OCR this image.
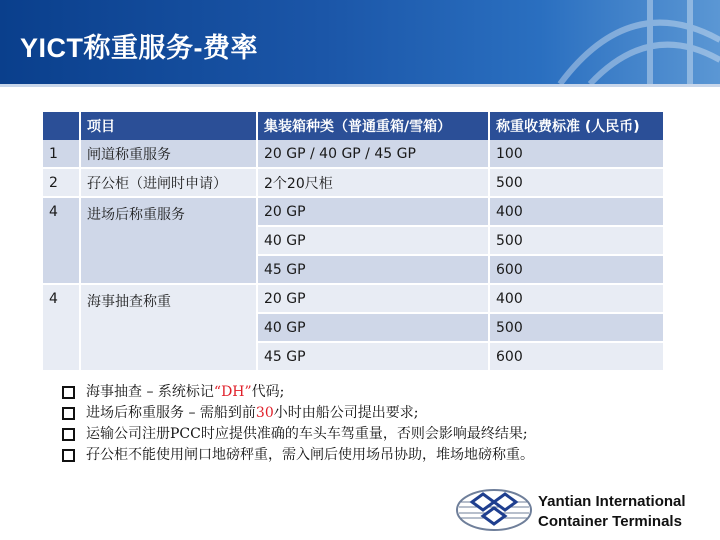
YICT称重服务-费率
	项目	集装箱种类（普通重箱/雪箱）	称重收费标准 (人民币)
1	闸道称重服务	20 GP / 40 GP / 45 GP	100
2	孖公柜（进闸时申请）	2个20尺柜	500
4	进场后称重服务	20 GP	400
		40 GP	500
		45 GP	600
4	海事抽查称重	20 GP	400
		40 GP	500
		45 GP	600
海事抽查 – 系统标记 “DH” 代码;
进场后称重服务 – 需船到前 30 小时由船公司提出要求;
运输公司注册PCC时应提供准确的车头车驾重量，否则会影响最终结果;
孖公柜不能使用闸口地磅秤重，需入闸后使用场吊协助，堆场地磅称重。
Yantian International
Container Terminals
